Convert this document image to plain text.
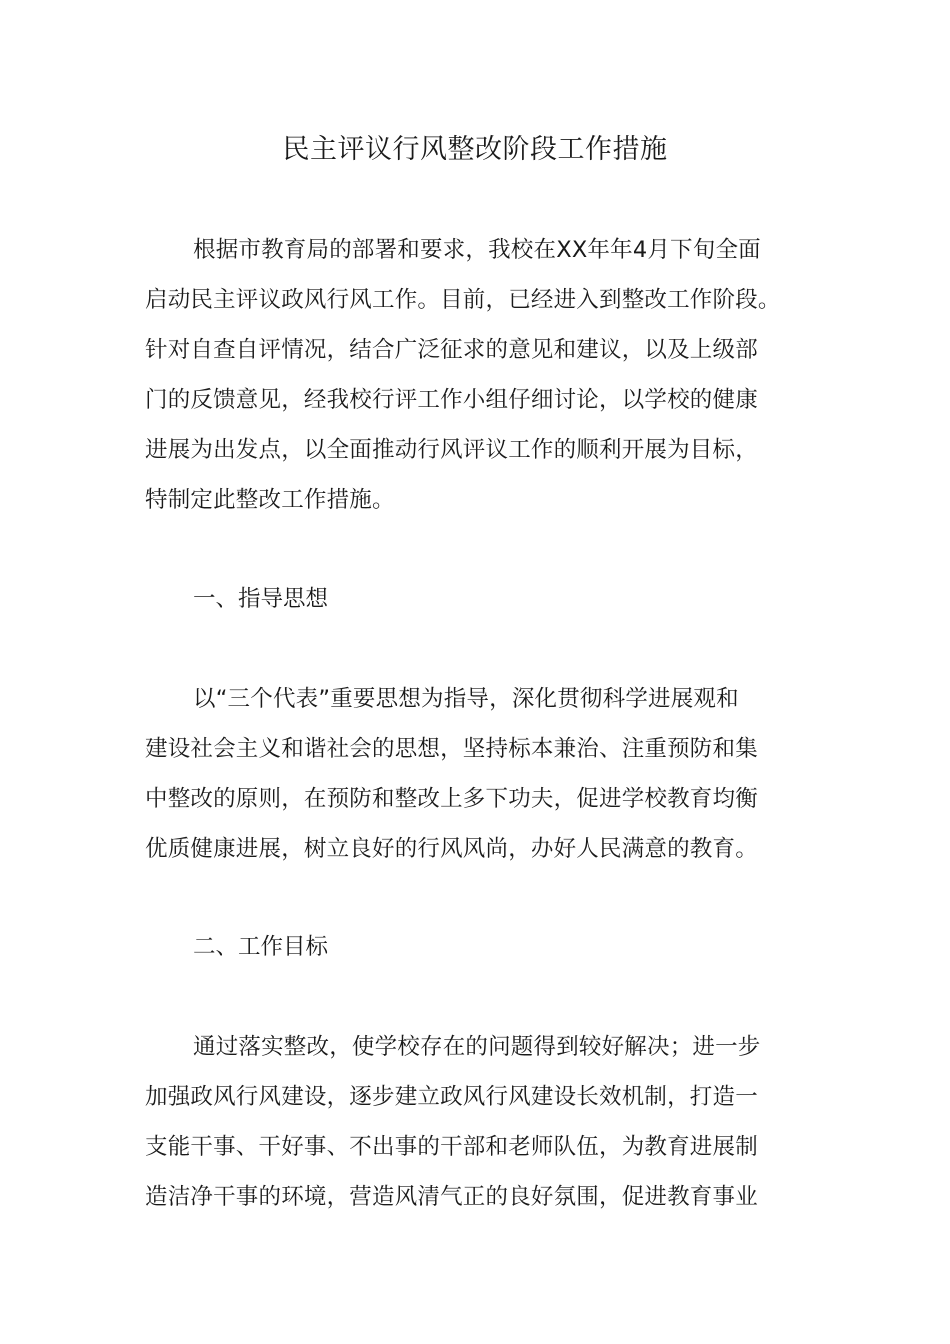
民主评议行风整改阶段工作措施
根据市教育局的部署和要求，我校在XX年年4月下旬全面
启动民主评议政风行风工作。目前，已经进入到整改工作阶段。
针对自查自评情况，结合广泛征求的意见和建议，以及上级部
门的反馈意见，经我校行评工作小组仔细讨论，以学校的健康
进展为出发点，以全面推动行风评议工作的顺利开展为目标，
特制定此整改工作措施。
一、指导思想
以“三个代表”重要思想为指导，深化贯彻科学进展观和
建设社会主义和谐社会的思想，坚持标本兼治、注重预防和集
中整改的原则，在预防和整改上多下功夫，促进学校教育均衡
优质健康进展，树立良好的行风风尚，办好人民满意的教育。
二、工作目标
通过落实整改，使学校存在的问题得到较好解决；进一步
加强政风行风建设，逐步建立政风行风建设长效机制，打造一
支能干事、干好事、不出事的干部和老师队伍，为教育进展制
造洁净干事的环境，营造风清气正的良好氛围，促进教育事业
